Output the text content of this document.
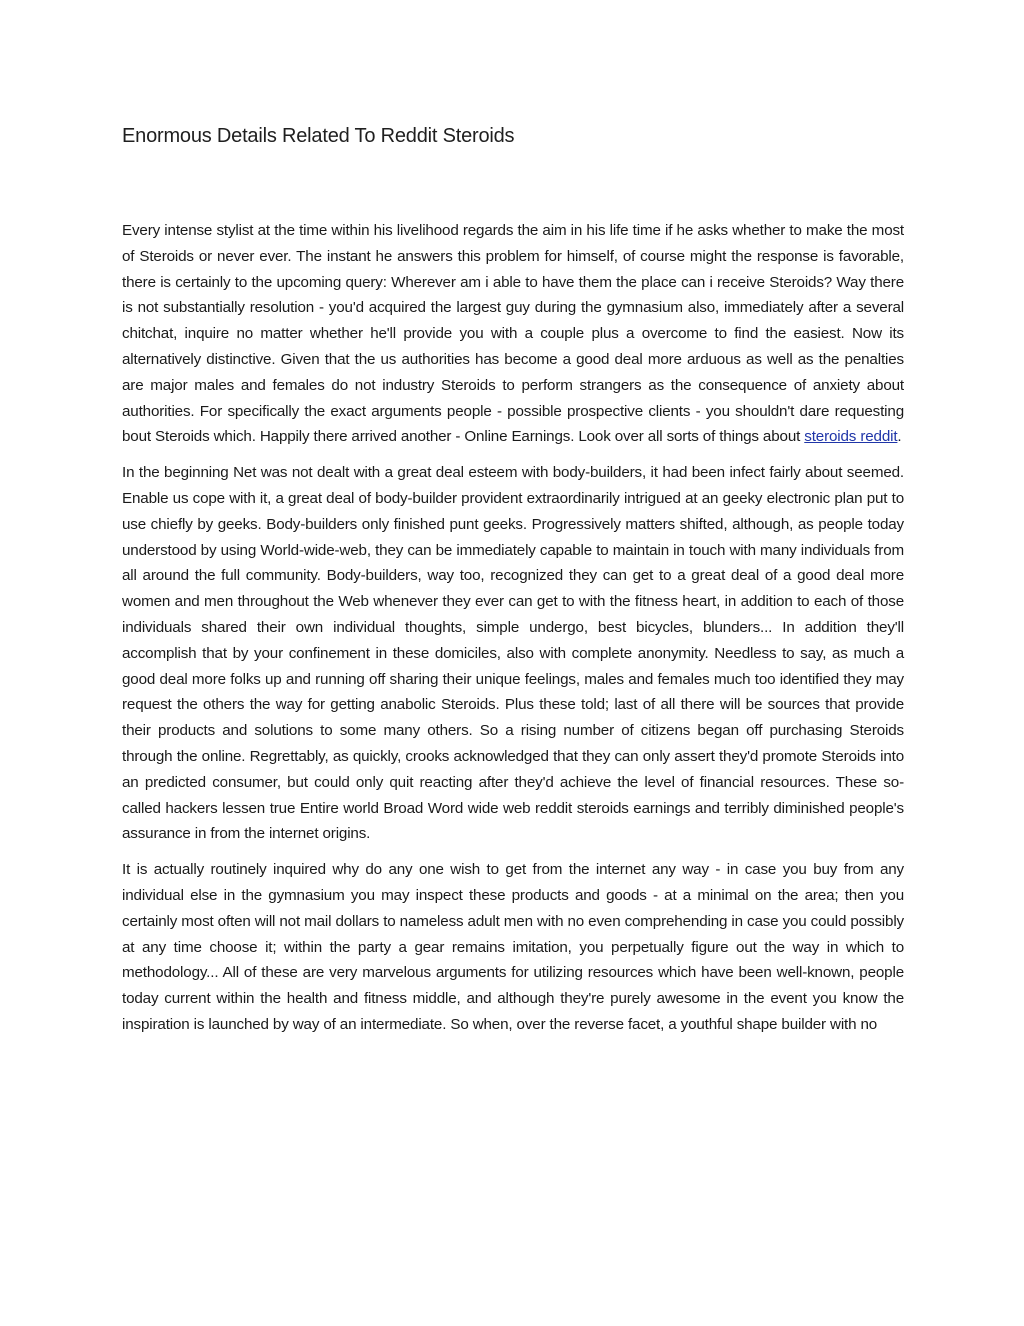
Enormous Details Related To Reddit Steroids

Every intense stylist at the time within his livelihood regards the aim in his life time if he asks whether to make the most of Steroids or never ever. The instant he answers this problem for himself, of course might the response is favorable, there is certainly to the upcoming query: Wherever am i able to have them the place can i receive Steroids? Way there is not substantially resolution - you'd acquired the largest guy during the gymnasium also, immediately after a several chitchat, inquire no matter whether he'll provide you with a couple plus a overcome to find the easiest. Now its alternatively distinctive. Given that the us authorities has become a good deal more arduous as well as the penalties are major males and females do not industry Steroids to perform strangers as the consequence of anxiety about authorities. For specifically the exact arguments people - possible prospective clients - you shouldn't dare requesting bout Steroids which. Happily there arrived another - Online Earnings. Look over all sorts of things about steroids reddit.

In the beginning Net was not dealt with a great deal esteem with body-builders, it had been infect fairly about seemed. Enable us cope with it, a great deal of body-builder provident extraordinarily intrigued at an geeky electronic plan put to use chiefly by geeks. Body-builders only finished punt geeks. Progressively matters shifted, although, as people today understood by using World-wide-web, they can be immediately capable to maintain in touch with many individuals from all around the full community. Body-builders, way too, recognized they can get to a great deal of a good deal more women and men throughout the Web whenever they ever can get to with the fitness heart, in addition to each of those individuals shared their own individual thoughts, simple undergo, best bicycles, blunders... In addition they'll accomplish that by your confinement in these domiciles, also with complete anonymity. Needless to say, as much a good deal more folks up and running off sharing their unique feelings, males and females much too identified they may request the others the way for getting anabolic Steroids. Plus these told; last of all there will be sources that provide their products and solutions to some many others. So a rising number of citizens began off purchasing Steroids through the online. Regrettably, as quickly, crooks acknowledged that they can only assert they'd promote Steroids into an predicted consumer, but could only quit reacting after they'd achieve the level of financial resources. These so-called hackers lessen true Entire world Broad Word wide web reddit steroids earnings and terribly diminished people's assurance in from the internet origins.

It is actually routinely inquired why do any one wish to get from the internet any way - in case you buy from any individual else in the gymnasium you may inspect these products and goods - at a minimal on the area; then you certainly most often will not mail dollars to nameless adult men with no even comprehending in case you could possibly at any time choose it; within the party a gear remains imitation, you perpetually figure out the way in which to methodology... All of these are very marvelous arguments for utilizing resources which have been well-known, people today current within the health and fitness middle, and although they're purely awesome in the event you know the inspiration is launched by way of an intermediate. So when, over the reverse facet, a youthful shape builder with no
